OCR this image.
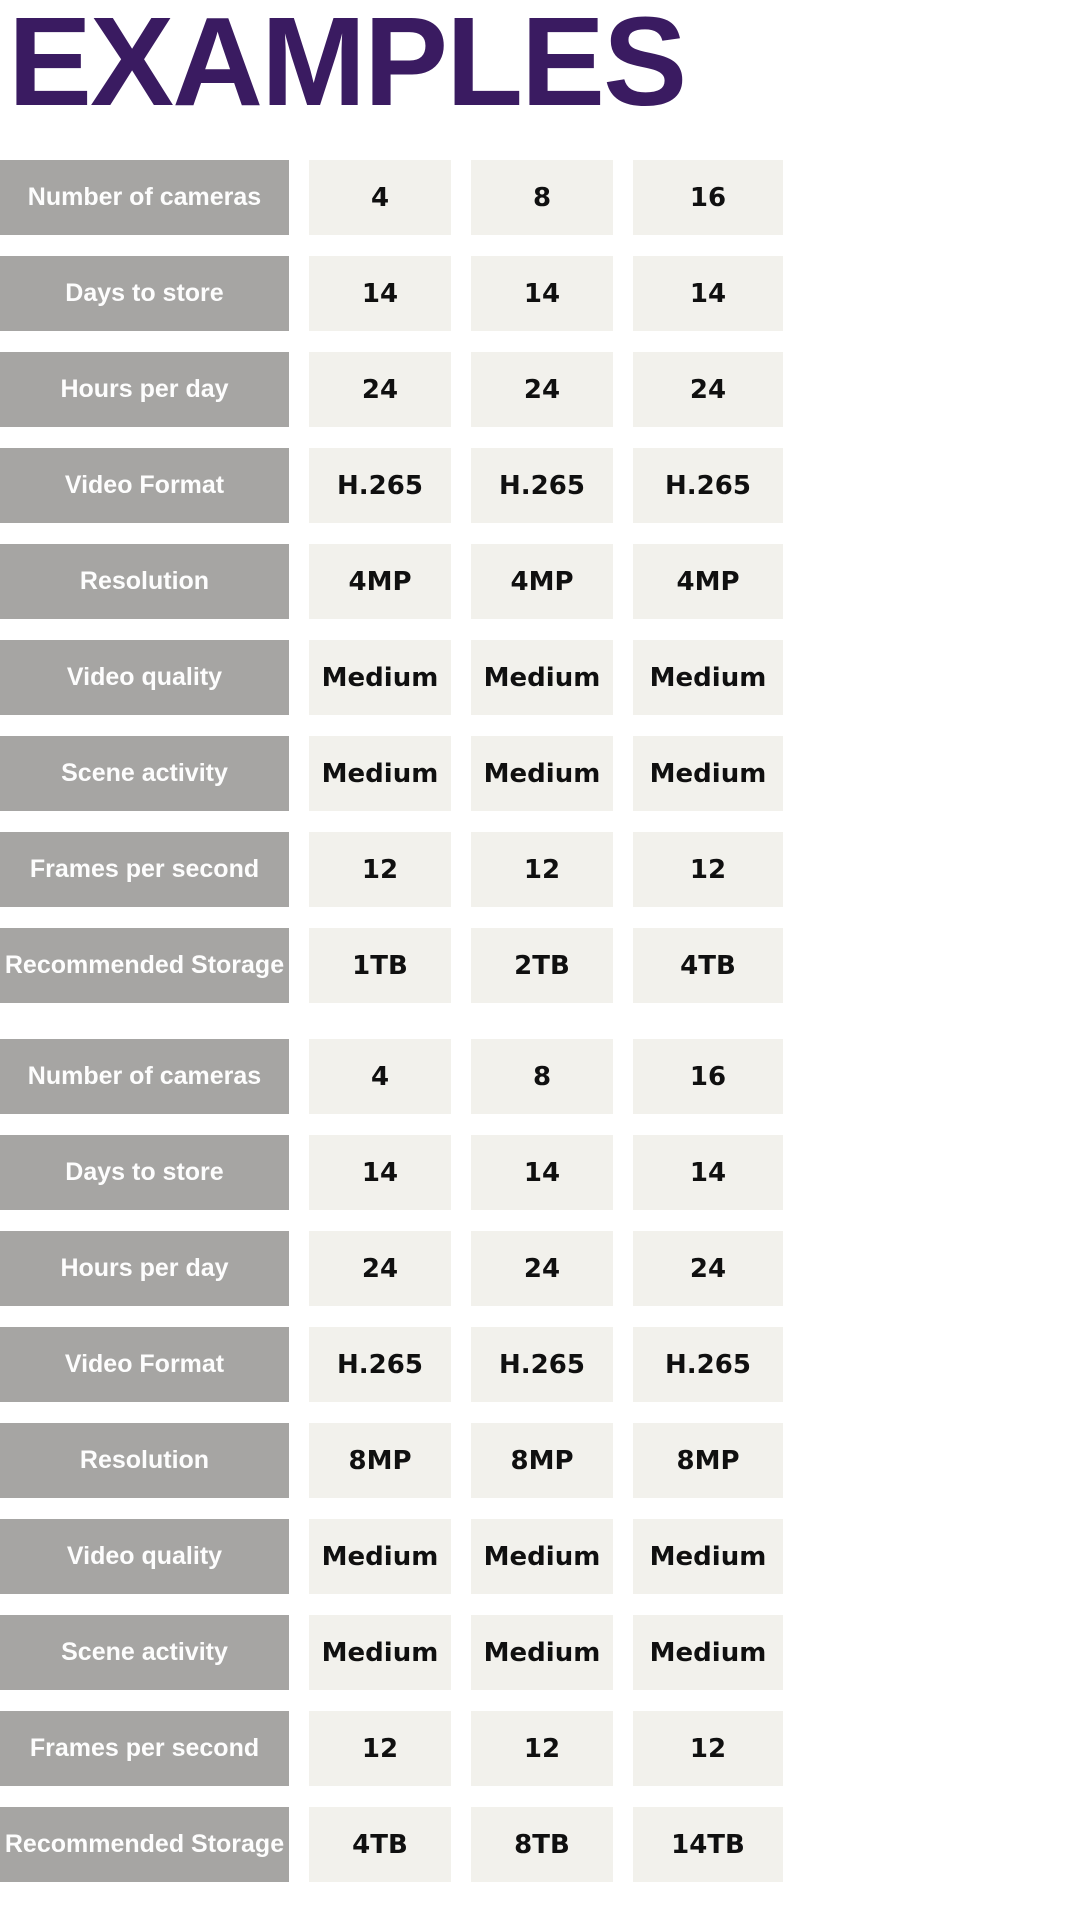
EXAMPLES
Number of cameras	4	8	16
Days to store	14	14	14
Hours per day	24	24	24
Video Format	H.265	H.265	H.265
Resolution	4MP	4MP	4MP
Video quality	Medium	Medium	Medium
Scene activity	Medium	Medium	Medium
Frames per second	12	12	12
Recommended Storage	1TB	2TB	4TB
Number of cameras	4	8	16
Days to store	14	14	14
Hours per day	24	24	24
Video Format	H.265	H.265	H.265
Resolution	8MP	8MP	8MP
Video quality	Medium	Medium	Medium
Scene activity	Medium	Medium	Medium
Frames per second	12	12	12
Recommended Storage	4TB	8TB	14TB
